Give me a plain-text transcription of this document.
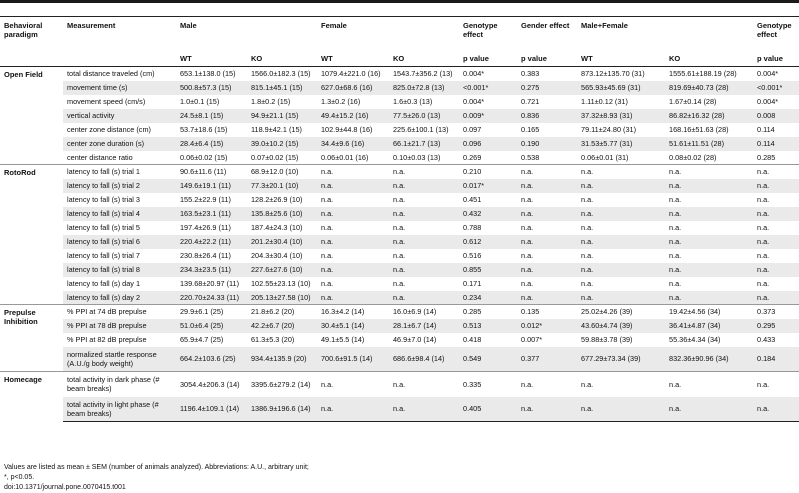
Behavioral paradigm	Measurement	Male		Female		Genotype effect	Gender effect	Male+Female		Genotype effect
		WT	KO	WT	KO	p value	p value	WT	KO	p value
Open Field	total distance traveled (cm)	653.1±138.0 (15)	1566.0±182.3 (15)	1079.4±221.0 (16)	1543.7±356.2 (13)	0.004*	0.383	873.12±135.70 (31)	1555.61±188.19 (28)	0.004*
	movement time (s)	500.8±57.3 (15)	815.1±45.1 (15)	627.0±68.6 (16)	825.0±72.8 (13)	<0.001*	0.275	565.93±45.69 (31)	819.69±40.73 (28)	<0.001*
	movement speed (cm/s)	1.0±0.1 (15)	1.8±0.2 (15)	1.3±0.2 (16)	1.6±0.3 (13)	0.004*	0.721	1.11±0.12 (31)	1.67±0.14 (28)	0.004*
	vertical activity	24.5±8.1 (15)	94.9±21.1 (15)	49.4±15.2 (16)	77.5±26.0 (13)	0.009*	0.836	37.32±8.93 (31)	86.82±16.32 (28)	0.008
	center zone distance (cm)	53.7±18.6 (15)	118.9±42.1 (15)	102.9±44.8 (16)	225.6±100.1 (13)	0.097	0.165	79.11±24.80 (31)	168.16±51.63 (28)	0.114
	center zone duration (s)	28.4±6.4 (15)	39.0±10.2 (15)	34.4±9.6 (16)	66.1±21.7 (13)	0.096	0.190	31.53±5.77 (31)	51.61±11.51 (28)	0.114
	center distance ratio	0.06±0.02 (15)	0.07±0.02 (15)	0.06±0.01 (16)	0.10±0.03 (13)	0.269	0.538	0.06±0.01 (31)	0.08±0.02 (28)	0.285
RotoRod	latency to fall (s) trial 1	90.6±11.6 (11)	68.9±12.0 (10)	n.a.	n.a.	0.210	n.a.	n.a.	n.a.	n.a.
	latency to fall (s) trial 2	149.6±19.1 (11)	77.3±20.1 (10)	n.a.	n.a.	0.017*	n.a.	n.a.	n.a.	n.a.
	latency to fall (s) trial 3	155.2±22.9 (11)	128.2±26.9 (10)	n.a.	n.a.	0.451	n.a.	n.a.	n.a.	n.a.
	latency to fall (s) trial 4	163.5±23.1 (11)	135.8±25.6 (10)	n.a.	n.a.	0.432	n.a.	n.a.	n.a.	n.a.
	latency to fall (s) trial 5	197.4±26.9 (11)	187.4±24.3 (10)	n.a.	n.a.	0.788	n.a.	n.a.	n.a.	n.a.
	latency to fall (s) trial 6	220.4±22.2 (11)	201.2±30.4 (10)	n.a.	n.a.	0.612	n.a.	n.a.	n.a.	n.a.
	latency to fall (s) trial 7	230.8±26.4 (11)	204.3±30.4 (10)	n.a.	n.a.	0.516	n.a.	n.a.	n.a.	n.a.
	latency to fall (s) trial 8	234.3±23.5 (11)	227.6±27.6 (10)	n.a.	n.a.	0.855	n.a.	n.a.	n.a.	n.a.
	latency to fall (s) day 1	139.68±20.97 (11)	102.55±23.13 (10)	n.a.	n.a.	0.171	n.a.	n.a.	n.a.	n.a.
	latency to fall (s) day 2	220.70±24.33 (11)	205.13±27.58 (10)	n.a.	n.a.	0.234	n.a.	n.a.	n.a.	n.a.
Prepulse Inhibition	% PPI at 74 dB prepulse	29.9±6.1 (25)	21.8±6.2 (20)	16.3±4.2 (14)	16.0±6.9 (14)	0.285	0.135	25.02±4.26 (39)	19.42±4.56 (34)	0.373
	% PPI at 78 dB prepulse	51.0±6.4 (25)	42.2±6.7 (20)	30.4±5.1 (14)	28.1±6.7 (14)	0.513	0.012*	43.60±4.74 (39)	36.41±4.87 (34)	0.295
	% PPI at 82 dB prepulse	65.9±4.7 (25)	61.3±5.3 (20)	49.1±5.5 (14)	46.9±7.0 (14)	0.418	0.007*	59.88±3.78 (39)	55.36±4.34 (34)	0.433
	normalized startle response (A.U./g body weight)	664.2±103.6 (25)	934.4±135.9 (20)	700.6±91.5 (14)	686.6±98.4 (14)	0.549	0.377	677.29±73.34 (39)	832.36±90.96 (34)	0.184
Homecage	total activity in dark phase (# beam breaks)	3054.4±206.3 (14)	3395.6±279.2 (14)	n.a.	n.a.	0.335	n.a.	n.a.	n.a.	n.a.
	total activity in light phase (# beam breaks)	1196.4±109.1 (14)	1386.9±196.6 (14)	n.a.	n.a.	0.405	n.a.	n.a.	n.a.	n.a.
Values are listed as mean ± SEM (number of animals analyzed). Abbreviations: A.U., arbitrary unit;
*, p<0.05.
doi:10.1371/journal.pone.0070415.t001
